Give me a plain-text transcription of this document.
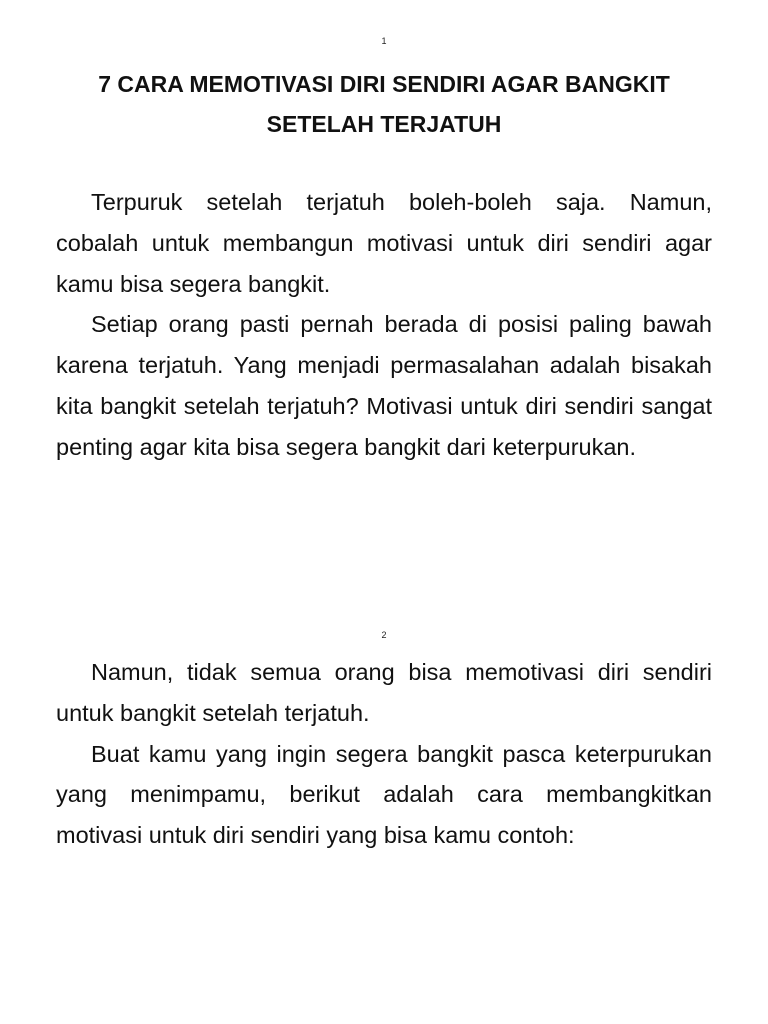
1
7 CARA MEMOTIVASI DIRI SENDIRI AGAR BANGKIT
SETELAH TERJATUH

Terpuruk setelah terjatuh boleh-boleh saja. Namun, cobalah untuk membangun motivasi untuk diri sendiri agar kamu bisa segera bangkit.

Setiap orang pasti pernah berada di posisi paling bawah karena terjatuh. Yang menjadi permasalahan adalah bisakah kita bangkit setelah terjatuh? Motivasi untuk diri sendiri sangat penting agar kita bisa segera bangkit dari keterpurukan.

2

Namun, tidak semua orang bisa memotivasi diri sendiri untuk bangkit setelah terjatuh.

Buat kamu yang ingin segera bangkit pasca keterpurukan yang menimpamu, berikut adalah cara membangkitkan motivasi untuk diri sendiri yang bisa kamu contoh:
